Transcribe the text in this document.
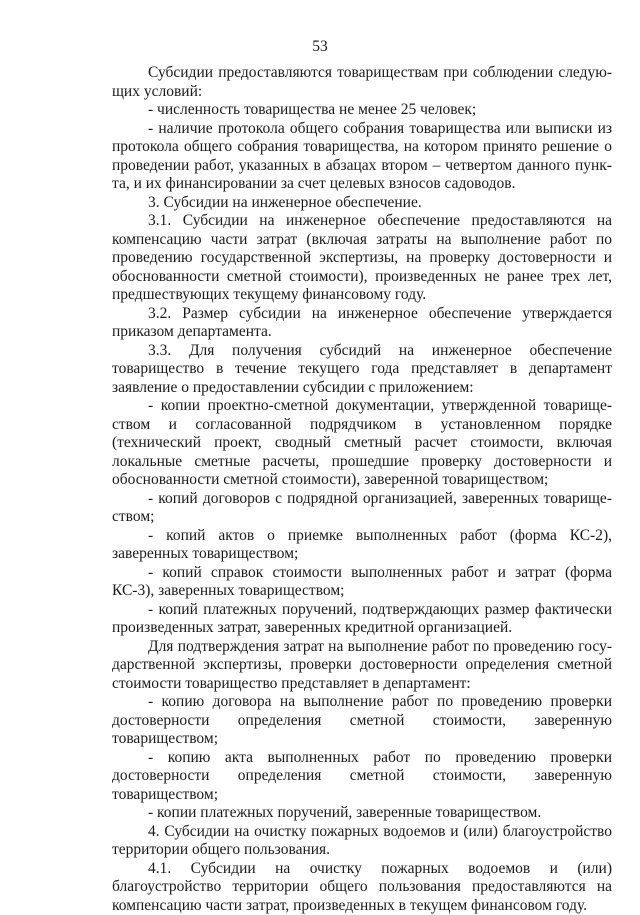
53

Субсидии предоставляются товариществам при соблюдении следующих условий:

- численность товарищества не менее 25 человек;

- наличие протокола общего собрания товарищества или выписки из протокола общего собрания товарищества, на котором принято решение о проведении работ, указанных в абзацах втором – четвертом данного пункта, и их финансировании за счет целевых взносов садоводов.

3. Субсидии на инженерное обеспечение.

3.1. Субсидии на инженерное обеспечение предоставляются на компенсацию части затрат (включая затраты на выполнение работ по проведению государственной экспертизы, на проверку достоверности и обоснованности сметной стоимости), произведенных не ранее трех лет, предшествующих текущему финансовому году.

3.2. Размер субсидии на инженерное обеспечение утверждается приказом департамента.

3.3. Для получения субсидий на инженерное обеспечение товарищество в течение текущего года представляет в департамент заявление о предоставлении субсидии с приложением:

- копии проектно-сметной документации, утвержденной товариществом и согласованной подрядчиком в установленном порядке (технический проект, сводный сметный расчет стоимости, включая локальные сметные расчеты, прошедшие проверку достоверности и обоснованности сметной стоимости), заверенной товариществом;

- копий договоров с подрядной организацией, заверенных товариществом;

- копий актов о приемке выполненных работ (форма КС-2), заверенных товариществом;

- копий справок стоимости выполненных работ и затрат (форма КС-3), заверенных товариществом;

- копий платежных поручений, подтверждающих размер фактически произведенных затрат, заверенных кредитной организацией.

Для подтверждения затрат на выполнение работ по проведению государственной экспертизы, проверки достоверности определения сметной стоимости товарищество представляет в департамент:

- копию договора на выполнение работ по проведению проверки достоверности определения сметной стоимости, заверенную товариществом;

- копию акта выполненных работ по проведению проверки достоверности определения сметной стоимости, заверенную товариществом;

- копии платежных поручений, заверенные товариществом.

4. Субсидии на очистку пожарных водоемов и (или) благоустройство территории общего пользования.

4.1. Субсидии на очистку пожарных водоемов и (или) благоустройство территории общего пользования предоставляются на компенсацию части затрат, произведенных в текущем финансовом году.
